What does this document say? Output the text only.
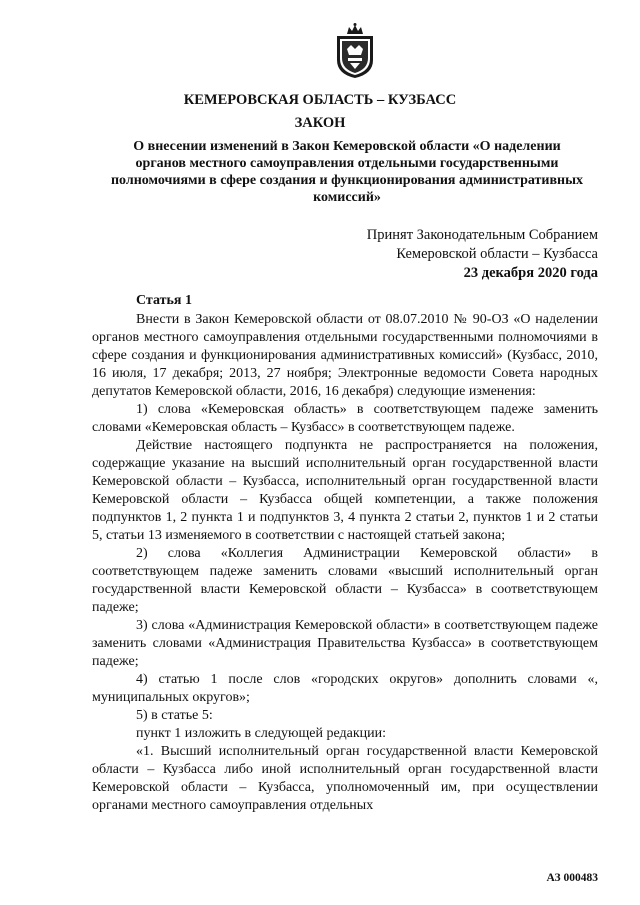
КЕМЕРОВСКАЯ ОБЛАСТЬ – КУЗБАСС
ЗАКОН
О внесении изменений в Закон Кемеровской области «О наделении органов местного самоуправления отдельными государственными полномочиями в сфере создания и функционирования административных комиссий»
Принят Законодательным Собранием
Кемеровской области – Кузбасса
23 декабря 2020 года

Статья 1

Внести в Закон Кемеровской области от 08.07.2010 № 90-ОЗ «О наделении органов местного самоуправления отдельными государственными полномочиями в сфере создания и функционирования административных комиссий» (Кузбасс, 2010, 16 июля, 17 декабря; 2013, 27 ноября; Электронные ведомости Совета народных депутатов Кемеровской области, 2016, 16 декабря) следующие изменения:

1) слова «Кемеровская область» в соответствующем падеже заменить словами «Кемеровская область – Кузбасс» в соответствующем падеже.

Действие настоящего подпункта не распространяется на положения, содержащие указание на высший исполнительный орган государственной власти Кемеровской области – Кузбасса, исполнительный орган государственной власти Кемеровской области – Кузбасса общей компетенции, а также положения подпунктов 1, 2 пункта 1 и подпунктов 3, 4 пункта 2 статьи 2, пунктов 1 и 2 статьи 5, статьи 13 изменяемого в соответствии с настоящей статьей закона;

2) слова «Коллегия Администрации Кемеровской области» в соответствующем падеже заменить словами «высший исполнительный орган государственной власти Кемеровской области – Кузбасса» в соответствующем падеже;

3) слова «Администрация Кемеровской области» в соответствующем падеже заменить словами «Администрация Правительства Кузбасса» в соответствующем падеже;

4) статью 1 после слов «городских округов» дополнить словами «, муниципальных округов»;

5) в статье 5:

пункт 1 изложить в следующей редакции:

«1. Высший исполнительный орган государственной власти Кемеровской области – Кузбасса либо иной исполнительный орган государственной власти Кемеровской области – Кузбасса, уполномоченный им, при осуществлении органами местного самоуправления отдельных

АЗ 000483
